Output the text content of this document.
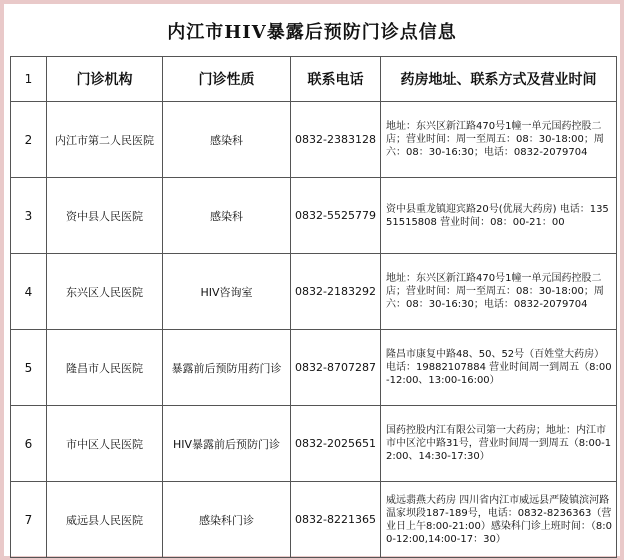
内江市HIV暴露后预防门诊点信息
1	门诊机构	门诊性质	联系电话	药房地址、联系方式及营业时间
2	内江市第二人民医院	感染科	0832-2383128	地址：东兴区新江路470号1幢一单元国药控股二店；营业时间：周一至周五：08：30-18:00；周六：08：30-16:30；电话：0832-2079704
3	资中县人民医院	感染科	0832-5525779	资中县重龙镇迎宾路20号(优展大药房) 电话：13551515808 营业时间：08：00-21：00
4	东兴区人民医院	HIV咨询室	0832-2183292	地址：东兴区新江路470号1幢一单元国药控股二店；营业时间：周一至周五：08：30-18:00；周六：08：30-16:30；电话：0832-2079704
5	隆昌市人民医院	暴露前后预防用药门诊	0832-8707287	隆昌市康复中路48、50、52号（百姓堂大药房） 电话：19882107884 营业时间周一到周五（8:00-12:00、13:00-16:00）
6	市中区人民医院	HIV暴露前后预防门诊	0832-2025651	国药控股内江有限公司第一大药房；地址：内江市市中区沱中路31号，营业时间周一到周五（8:00-12:00、14:30-17:30）
7	威远县人民医院	感染科门诊	0832-8221365	威远翡燕大药房 四川省内江市威远县严陵镇滨河路温家坝段187-189号，电话：0832-8236363（营业日上午8:00-21:00）感染科门诊上班时间：（8:00-12:00,14:00-17：30）
